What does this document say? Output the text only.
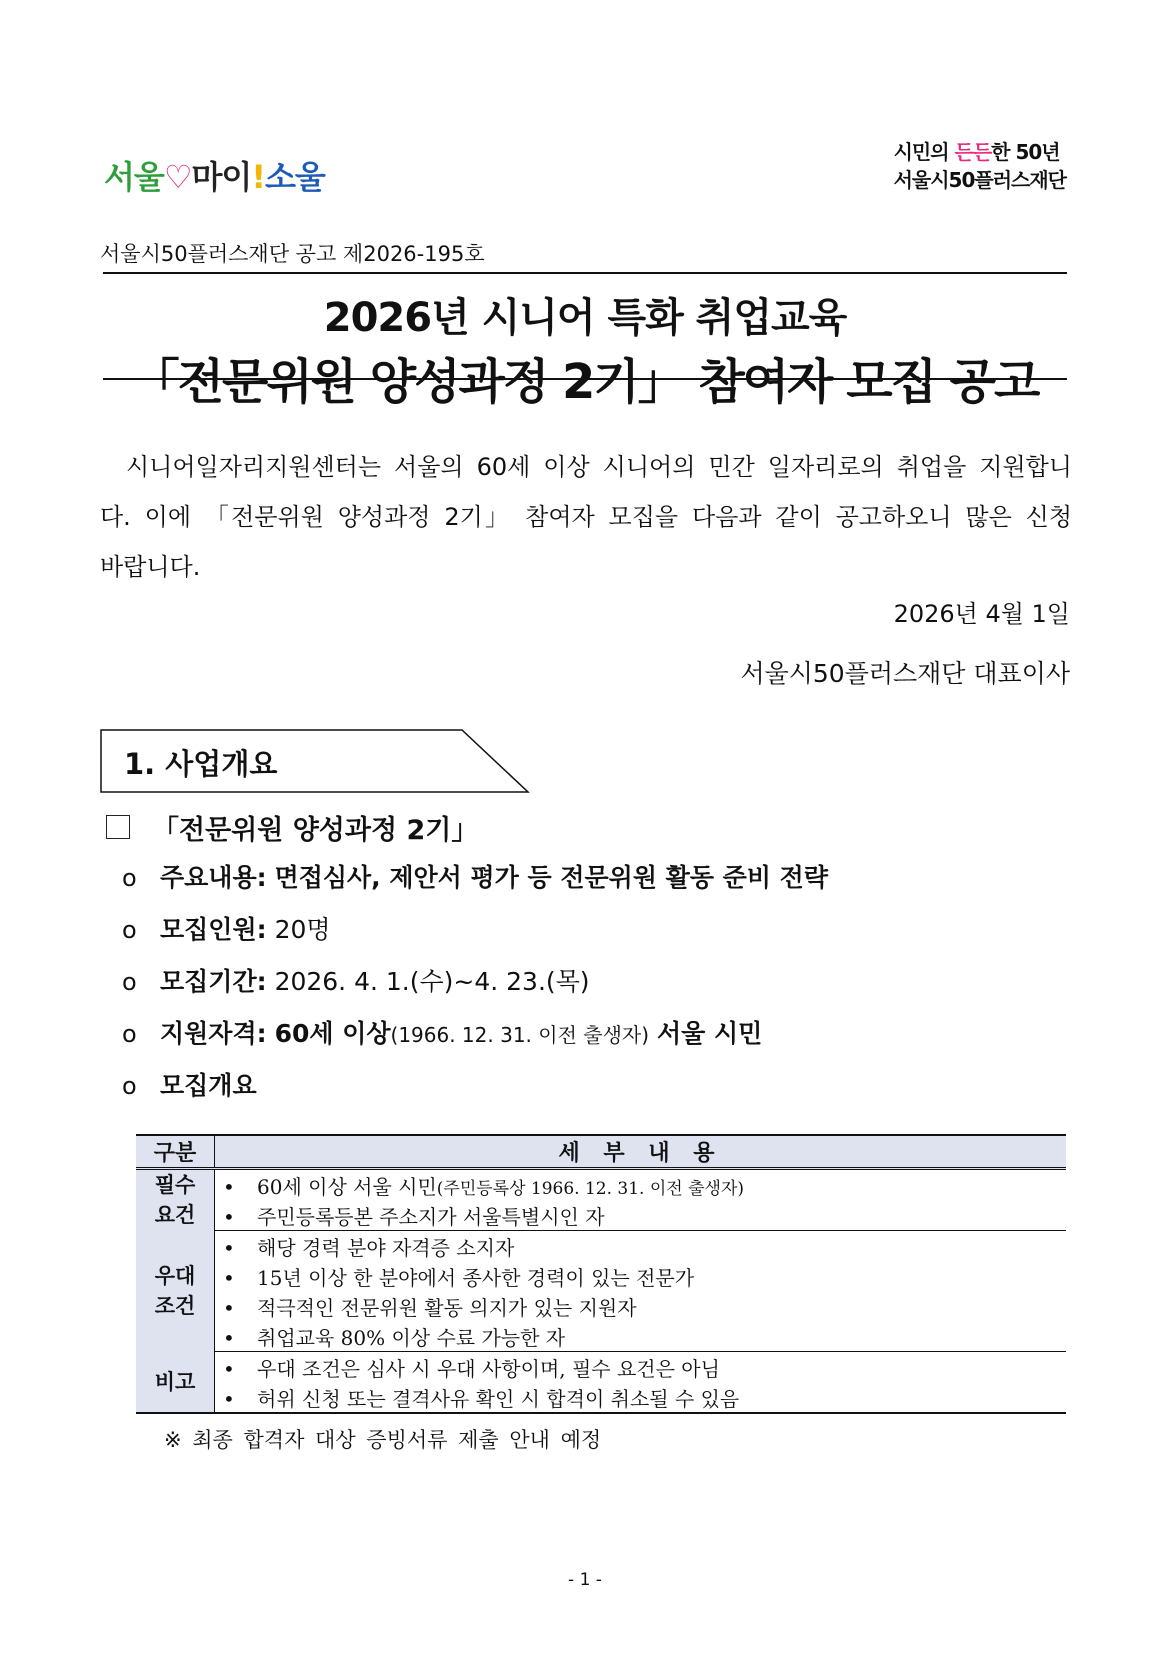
서울♡마이!소울
시민의 든든한 50년
서울시50플러스재단
서울시50플러스재단 공고 제2026-195호
2026년 시니어 특화 취업교육
「전문위원 양성과정 2기」 참여자 모집 공고
시니어일자리지원센터는 서울의 60세 이상 시니어의 민간 일자리로의 취업을 지원합니다. 이에 「전문위원 양성과정 2기」 참여자 모집을 다음과 같이 공고하오니 많은 신청 바랍니다.
2026년 4월 1일
서울시50플러스재단 대표이사
1. 사업개요
「전문위원 양성과정 2기」
o 주요내용: 면접심사, 제안서 평가 등 전문위원 활동 준비 전략
o 모집인원: 20명
o 모집기간: 2026. 4. 1.(수)~4. 23.(목)
o 지원자격: 60세 이상(1966. 12. 31. 이전 출생자) 서울 시민
o 모집개요
구분	세 부 내 용
필수
요건	• 60세 이상 서울 시민(주민등록상 1966. 12. 31. 이전 출생자)
	• 주민등록등본 주소지가 서울특별시인 자
우대
조건	• 해당 경력 분야 자격증 소지자
	• 15년 이상 한 분야에서 종사한 경력이 있는 전문가
	• 적극적인 전문위원 활동 의지가 있는 지원자
	• 취업교육 80% 이상 수료 가능한 자
비고	• 우대 조건은 심사 시 우대 사항이며, 필수 요건은 아님
	• 허위 신청 또는 결격사유 확인 시 합격이 취소될 수 있음
※ 최종 합격자 대상 증빙서류 제출 안내 예정
- 1 -
